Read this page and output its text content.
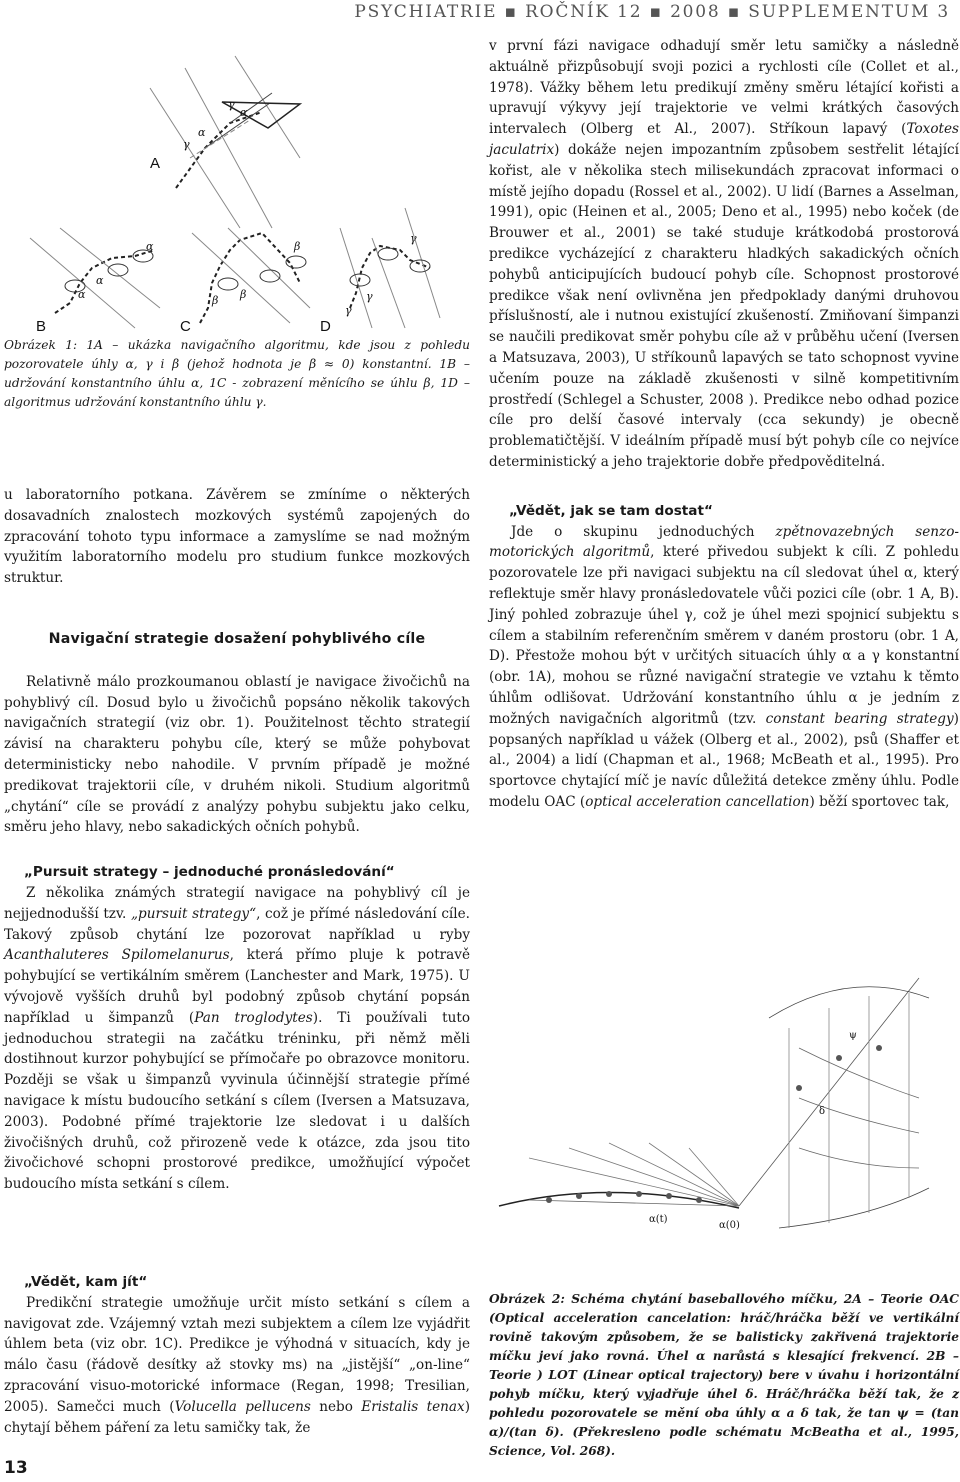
PSYCHIATRIE ▪ ROČNÍK 12 ▪ 2008 ▪ SUPPLEMENTUM 3
A
B	C	D
α
α
γ
γ
α
α
α	β β
β
γ
γ
γ

Obrázek 1: 1A – ukázka navigačního algoritmu, kde jsou z pohledu pozorovatele úhly α, γ i β (jehož hodnota je β ≈ 0) konstantní. 1B – udržování konstantního úhlu α, 1C - zobrazení měnícího se úhlu β, 1D – algoritmus udržování konstantního úhlu γ.

u laboratorního potkana. Závěrem se zmíníme o některých dosavadních znalostech mozkových systémů zapojených do zpracování tohoto typu informace a zamyslíme se nad možným využitím laboratorního modelu pro studium funkce mozkových struktur.

Navigační strategie dosažení pohyblivého cíle

Relativně málo prozkoumanou oblastí je navigace živočichů na pohyblivý cíl. Dosud bylo u živočichů popsáno několik takových navigačních strategií (viz obr. 1). Použitelnost těchto strategií závisí na charakteru pohybu cíle, který se může pohybovat deterministicky nebo nahodile. V prvním případě je možné predikovat trajektorii cíle, v druhém nikoli. Studium algoritmů „chytání“ cíle se provádí z analýzy pohybu subjektu jako celku, směru jeho hlavy, nebo sakadických očních pohybů.

„Pursuit strategy – jednoduché pronásledování“

Z několika známých strategií navigace na pohyblivý cíl je nejjednodušší tzv. „pursuit strategy“, což je přímé následování cíle. Takový způsob chytání lze pozorovat například u ryby Acanthaluteres Spilomelanurus, která přímo pluje k potravě pohybující se vertikálním směrem (Lanchester and Mark, 1975). U vývojově vyšších druhů byl podobný způsob chytání popsán například u šimpanzů (Pan troglodytes). Ti používali tuto jednoduchou strategii na začátku tréninku, při němž měli dostihnout kurzor pohybující se přímočaře po obrazovce monitoru. Později se však u šimpanzů vyvinula účinnější strategie přímé navigace k místu budoucího setkání s cílem (Iversen a Matsuzava, 2003). Podobné přímé trajektorie lze sledovat i u dalších živočišných druhů, což přirozeně vede k otázce, zda jsou tito živočichové schopni prostorové predikce, umožňující výpočet budoucího místa setkání s cílem.

„Vědět, kam jít“

Predikční strategie umožňuje určit místo setkání s cílem a navigovat zde. Vzájemný vztah mezi subjektem a cílem lze vyjádřit úhlem beta (viz obr. 1C). Predikce je výhodná v situacích, kdy je málo času (řádově desítky až stovky ms) na „jistější“ „on-line“ zpracování visuo-motorické informace (Regan, 1998; Tresilian, 2005). Samečci much (Volucella pellucens nebo Eristalis tenax) chytají během páření za letu samičky tak, že

v první fázi navigace odhadují směr letu samičky a následně aktuálně přizpůsobují svoji pozici a rychlosti cíle (Collet et al., 1978). Vážky během letu predikují změny směru létající kořisti a upravují výkyvy její trajektorie ve velmi krátkých časových intervalech (Olberg et Al., 2007). Stříkoun lapavý (Toxotes jaculatrix) dokáže nejen impozantním způsobem sestřelit létající kořist, ale v několika stech milisekundách zpracovat informaci o místě jejího dopadu (Rossel et al., 2002). U lidí (Barnes a Asselman, 1991), opic (Heinen et al., 2005; Deno et al., 1995) nebo koček (de Brouwer et al., 2001) se také studuje krátkodobá prostorová predikce vycházející z charakteru hladkých sakadických očních pohybů anticipujících budoucí pohyb cíle. Schopnost prostorové predikce však není ovlivněna jen předpoklady danými druhovou příslušností, ale i nutnou existující zkušeností. Zmiňovaní šimpanzi se naučili predikovat směr pohybu cíle až v průběhu učení (Iversen a Matsuzava, 2003), U stříkounů lapavých se tato schopnost vyvine učením pouze na základě zkušenosti v silně kompetitivním prostředí (Schlegel a Schuster, 2008 ). Predikce nebo odhad pozice cíle pro delší časové intervaly (cca sekundy) je obecně problematičtější. V ideálním případě musí být pohyb cíle co nejvíce deterministický a jeho trajektorie dobře předpověditelná.

„Vědět, jak se tam dostat“

Jde o skupinu jednoduchých zpětnovazebných senzo-motorických algoritmů, které přivedou subjekt k cíli. Z pohledu pozorovatele lze při navigaci subjektu na cíl sledovat úhel α, který reflektuje směr hlavy pronásledovatele vůči pozici cíle (obr. 1 A, B). Jiný pohled zobrazuje úhel γ, což je úhel mezi spojnicí subjektu s cílem a stabilním referenčním směrem v daném prostoru (obr. 1 A, D). Přestože mohou být v určitých situacích úhly α a γ konstantní (obr. 1A), mohou se různé navigační strategie ve vztahu k těmto úhlům odlišovat. Udržování konstantního úhlu α je jedním z možných navigačních algoritmů (tzv. constant bearing strategy) popsaných například u vážek (Olberg et al., 2002), psů (Shaffer et al., 2004) a lidí (Chapman et al., 1968; McBeath et al., 1995). Pro sportovce chytající míč je navíc důležitá detekce změny úhlu. Podle modelu OAC (optical acceleration cancellation) běží sportovec tak,

α(t)
α(0)
δ
ψ

Obrázek 2: Schéma chytání baseballového míčku, 2A – Teorie OAC (Optical acceleration cancelation: hráč/hráčka běží ve vertikální rovině takovým způsobem, že se balisticky zakřivená trajektorie míčku jeví jako rovná. Úhel α narůstá s klesající frekvencí. 2B – Teorie ) LOT (Linear optical trajectory) bere v úvahu i horizontální pohyb míčku, který vyjadřuje úhel δ. Hráč/hráčka běží tak, že z pohledu pozorovatele se mění oba úhly α a δ tak, že tan ψ = (tan α)/(tan δ). (Překresleno podle schématu McBeatha et al., 1995, Science, Vol. 268).

13
